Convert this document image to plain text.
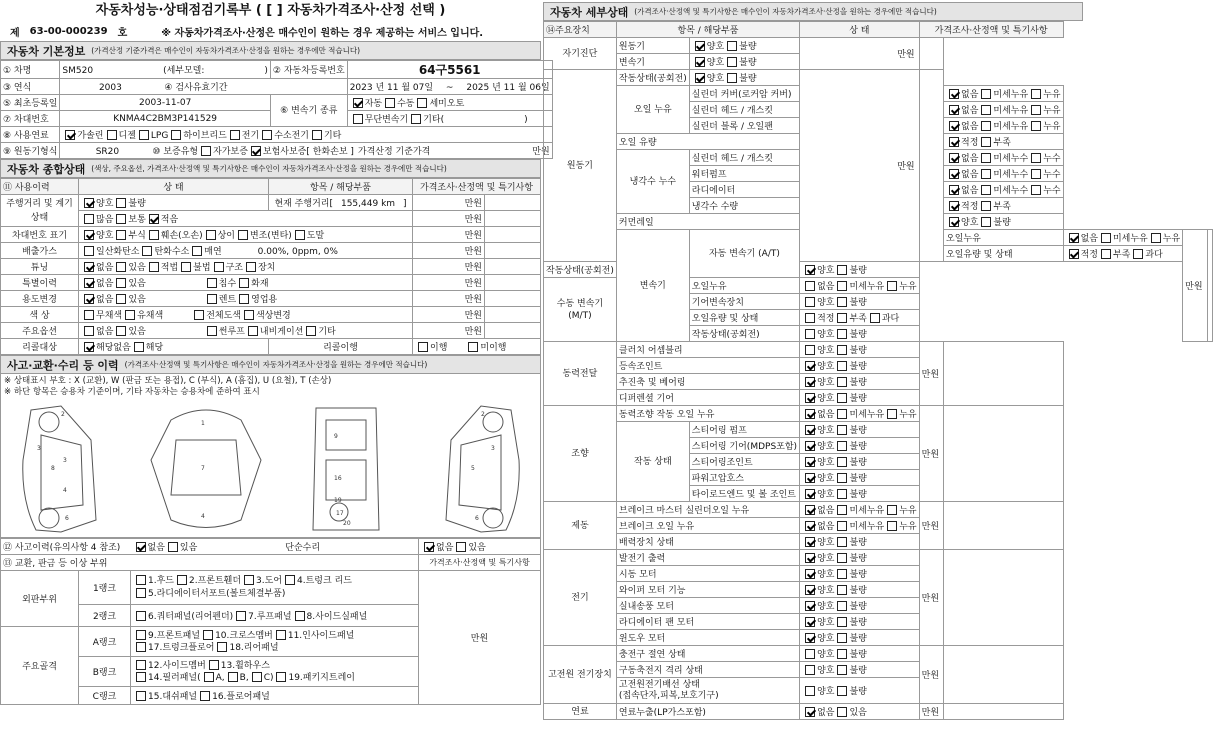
자동차성능·상태점검기록부 ( [ ] 자동차가격조사·산정 선택 )
제 63-00-000239 호	※ 자동차가격조사·산정은 매수인이 원하는 경우 제공하는 서비스 입니다.
자동차 기본정보 (가격산정 기준가격은 매수인이 자동차가격조사·산정을 원하는 경우에만 적습니다)
① 차명	SM520 (세부모델: )	② 자동차등록번호	64구5561
③ 연식	2003 ④ 검사유효기간		2023 년 11 월 07일 ~ 2025 년 11 월 06일
⑤ 최초등록일	2003-11-07	⑥ 변속기 종류	자동 수동 세미오토
⑦ 차대번호	KNMA4C2BM3P141529		무단변속기 기타( )
⑧ 사용연료	가솔린 디젤 LPG 하이브리드 전기 수소전기 기타		
⑨ 원동기형식	SR20 ⑩ 보증유형 자가보증 보험사보증[ 한화손보 ] 가격산정 기준가격 만원		
자동차 종합상태 (색상, 주요옵션, 가격조사·산정액 및 특기사항은 매수인이 자동차가격조사·산정을 원하는 경우에만 적습니다)
⑪ 사용이력	상 태	항목 / 해당부품	가격조사·산정액 및 특기사항	
주행거리 및 계기상태	양호 불량	현재 주행거리[ 155,449 km ]	만원	
	많음 보통 적음		만원	
차대번호 표기	양호 부식 훼손(오손) 상이 변조(변타) 도말		만원	
배출가스	일산화탄소 탄화수소 매연 0.00%, 0ppm, 0%		만원	
튜닝	없음 있음 적법 불법 구조 장치		만원	
특별이력	없음 있음 침수 화재		만원	
용도변경	없음 있음 렌트 영업용		만원	
색 상	무채색 유채색 전체도색 색상변경		만원	
주요옵션	없음 있음 썬루프 내비게이션 기타		만원	
리콜대상	해당없음 해당	리콜이행	이행 미이행	
사고·교환·수리 등 이력 (가격조사·산정액 및 특기사항은 매수인이 자동차가격조사·산정을 원하는 경우에만 적습니다)
※ 상태표시 부호 : X (교환), W (판금 또는 용접), C (부식), A (흠집), U (요철), T (손상)
※ 하단 항목은 승용차 기준이며, 기타 자동차는 승용차에 준하여 표시
2
3
3
4
6
8
1
7
4
9
16
19
17
20
2
3
5
6
⑫ 사고이력(유의사항 4 참조)		없음 있음 단순수리	없음 있음
⑬ 교환, 판금 등 이상 부위			가격조사·산정액 및 특기사항
외판부위	1랭크	1.후드 2.프론트휀더 3.도어 4.트렁크 리드
5.라디에이터서포트(볼트체결부품)	만원
	2랭크	6.쿼터패널(리어펜더) 7.루프패널 8.사이드실패널	
주요골격	A랭크	9.프론트패널 10.크로스멤버 11.인사이드패널
17.트렁크플로어 18.리어패널	
	B랭크	12.사이드멤버 13.휠하우스
14.필러패널( A, B, C) 19.패키지트레이	
	C랭크	15.대쉬패널 16.플로어패널	
자동차 세부상태 (가격조사·산정액 및 특기사항은 매수인이 자동차가격조사·산정을 원하는 경우에만 적습니다)
⑭주요장치	항목 / 해당부품		상 태	가격조사·산정액 및 특기사항				
자기진단	원동기	양호 불량	만원					
	변속기	양호 불량						
원동기	작동상태(공회전)	양호 불량	만원					
	오일 누유	실린더 커버(로커암 커버)			없음 미세누유 누유			
		실린더 헤드 / 개스킷			없음 미세누유 누유			
		실린더 블록 / 오일팬			없음 미세누유 누유			
	오일 유량				적정 부족			
	냉각수 누수	실린더 헤드 / 개스킷			없음 미세누수 누수			
		워터펌프			없음 미세누수 누수			
		라디에이터			없음 미세누수 누수			
		냉각수 수량			적정 부족			
	커먼레일				양호 불량			
	변속기	자동 변속기 (A/T)			오일누유	없음 미세누유 누유	만원	
					오일유량 및 상태	적정 부족 과다		
작동상태(공회전)			양호 불량					
수동 변속기 (M/T)		오일누유	없음 미세누유 누유					
		기어변속장치	양호 불량					
		오일유량 및 상태	적정 부족 과다					
		작동상태(공회전)	양호 불량					
동력전달	클러치 어셈블리		양호 불량	만원				
	등속조인트		양호 불량					
	추진축 및 베어링		양호 불량					
	디퍼렌셜 기어		양호 불량					
조향	동력조향 작동 오일 누유		없음 미세누유 누유	만원				
	작동 상태	스티어링 펌프	양호 불량					
		스티어링 기어(MDPS포함)	양호 불량					
		스티어링조인트	양호 불량					
		파워고압호스	양호 불량					
		타이로드엔드 및 볼 조인트	양호 불량					
제동	브레이크 마스터 실린더오일 누유		없음 미세누유 누유	만원				
	브레이크 오일 누유		없음 미세누유 누유					
	배력장치 상태		양호 불량					
전기	발전기 출력		양호 불량	만원				
	시동 모터		양호 불량					
	와이퍼 모터 기능		양호 불량					
	실내송풍 모터		양호 불량					
	라디에이터 팬 모터		양호 불량					
	윈도우 모터		양호 불량					
고전원 전기장치	충전구 절연 상태		양호 불량	만원				
	구동축전지 격리 상태		양호 불량					
	고전원전기배선 상태
(접속단자,피복,보호기구)		양호 불량					
연료	연료누출(LP가스포함)		없음 있음	만원				
